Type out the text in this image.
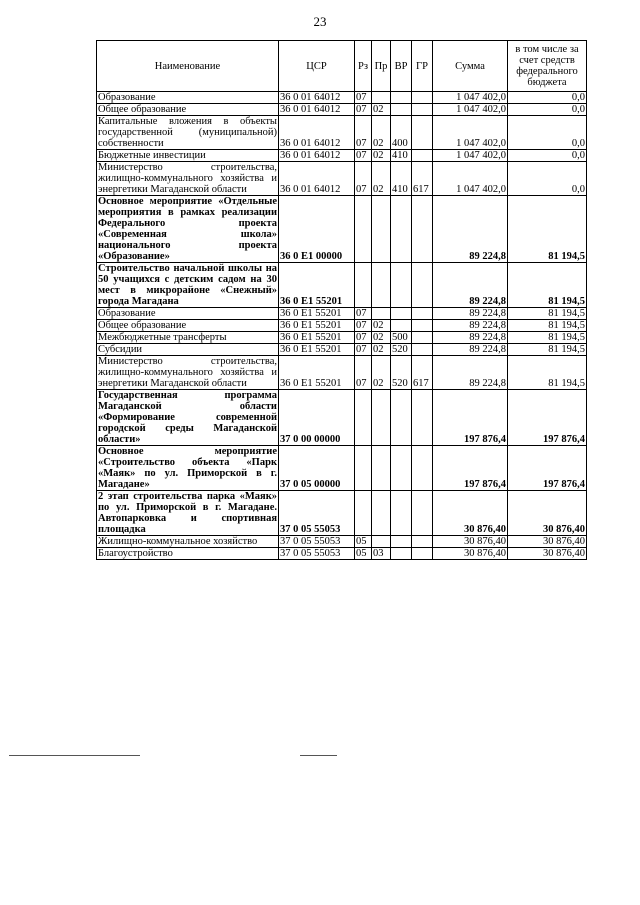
23
Наименование	ЦСР	Рз	Пр	ВР	ГР	Сумма	в том числе за счет средств федерального бюджета
Образование	36 0 01 64012	07				1 047 402,0	0,0
Общее образование	36 0 01 64012	07	02			1 047 402,0	0,0
Капитальные вложения в объекты государственной (муниципальной) собственности	36 0 01 64012	07	02	400		1 047 402,0	0,0
Бюджетные инвестиции	36 0 01 64012	07	02	410		1 047 402,0	0,0
Министерство строительства, жилищно-коммунального хозяйства и энергетики Магаданской области	36 0 01 64012	07	02	410	617	1 047 402,0	0,0
Основное мероприятие «Отдельные мероприятия в рамках реализации Федерального проекта «Современная школа» национального проекта «Образование»	36 0 E1 00000					89 224,8	81 194,5
Строительство начальной школы на 50 учащихся с детским садом на 30 мест в микрорайоне «Снежный» города Магадана	36 0 E1 55201					89 224,8	81 194,5
Образование	36 0 E1 55201	07				89 224,8	81 194,5
Общее образование	36 0 E1 55201	07	02			89 224,8	81 194,5
Межбюджетные трансферты	36 0 E1 55201	07	02	500		89 224,8	81 194,5
Субсидии	36 0 E1 55201	07	02	520		89 224,8	81 194,5
Министерство строительства, жилищно-коммунального хозяйства и энергетики Магаданской области	36 0 E1 55201	07	02	520	617	89 224,8	81 194,5
Государственная программа Магаданской области «Формирование современной городской среды Магаданской области»	37 0 00 00000					197 876,4	197 876,4
Основное мероприятие «Строительство объекта «Парк «Маяк» по ул. Приморской в г. Магадане»	37 0 05 00000					197 876,4	197 876,4
2 этап строительства парка «Маяк» по ул. Приморской в г. Магадане. Автопарковка и спортивная площадка	37 0 05 55053					30 876,40	30 876,40
Жилищно-коммунальное хозяйство	37 0 05 55053	05				30 876,40	30 876,40
Благоустройство	37 0 05 55053	05	03			30 876,40	30 876,40
